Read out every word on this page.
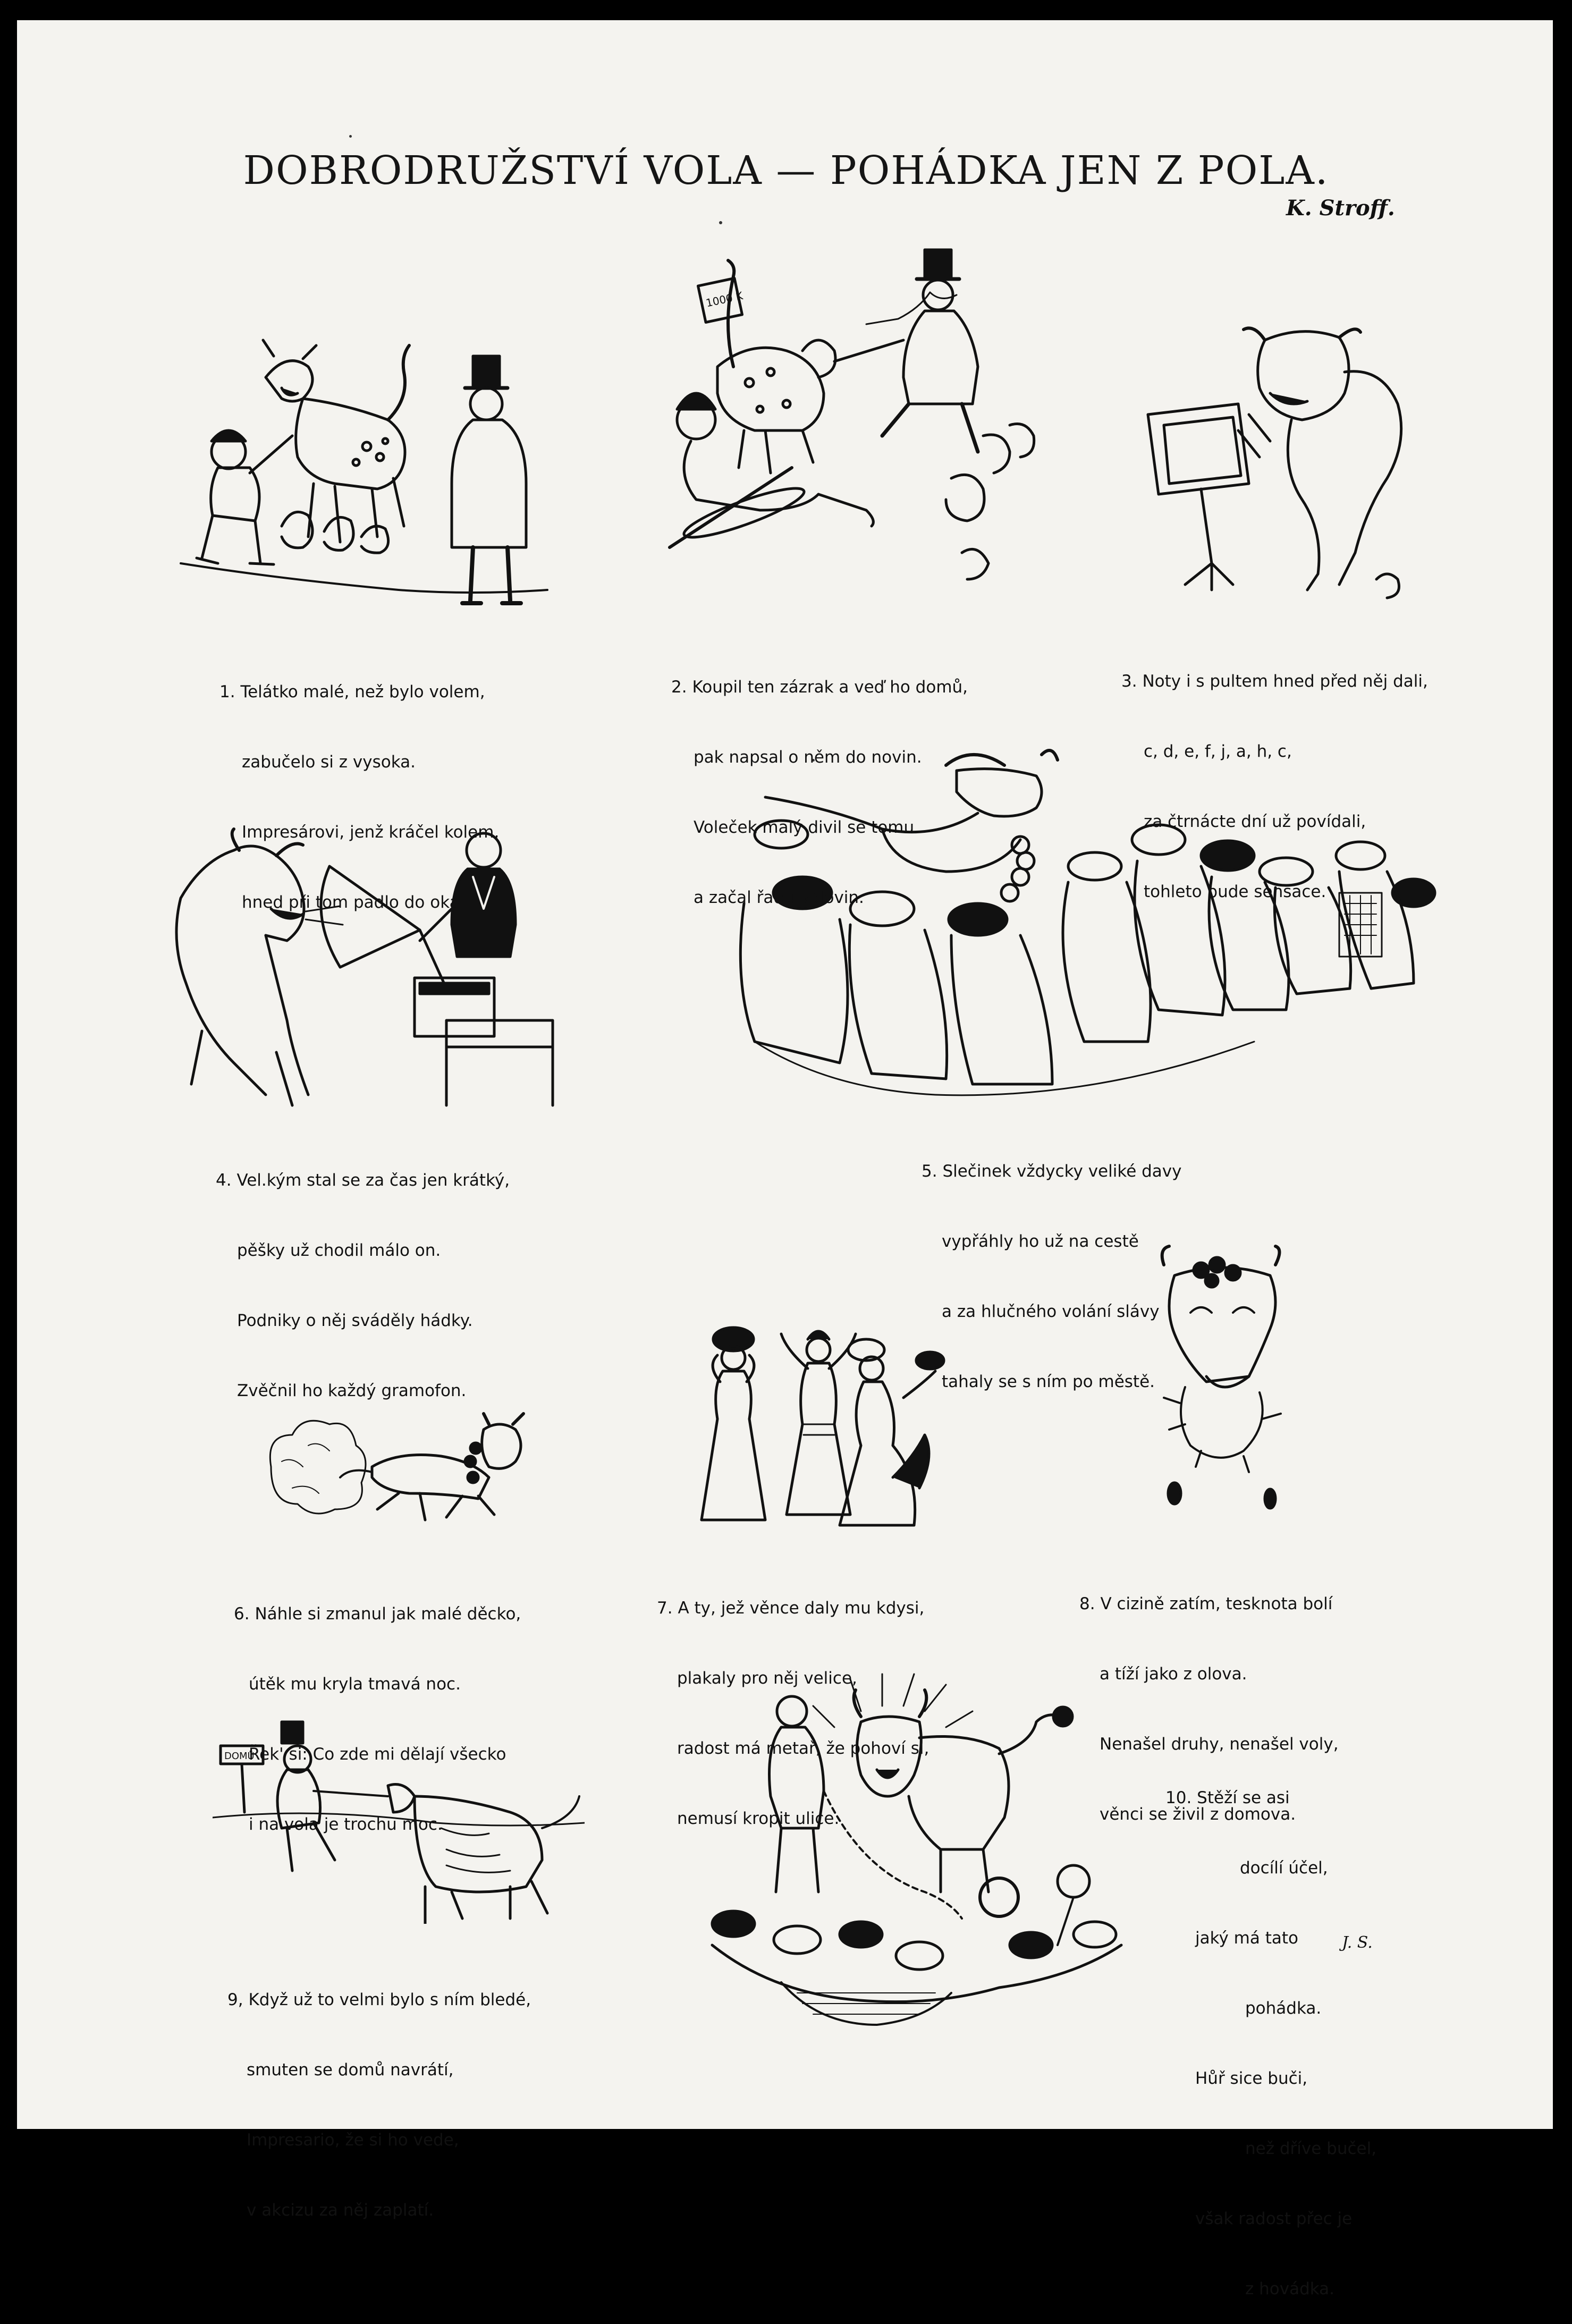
DOBRODRUŽSTVÍ VOLA — POHÁDKA JEN Z POLA.
K. Stroff.
1000 K
DOMŮ

1. Telátko malé, než bylo volem,

zabučelo si z vysoka.

Impresárovi, jenž kráčel kolem,

hned při tom padlo do oka.

2. Koupil ten zázrak a veď ho domů,

pak napsal o něm do novin.

Voleček malý divil se tomu

a začal řadu volovin.

3. Noty i s pultem hned před něj dali,

c, d, e, f, j, a, h, c,

za čtrnácte dní už povídali,

tohleto bude sensace.

4. Vel.kým stal se za čas jen krátký,

pěšky už chodil málo on.

Podniky o něj sváděly hádky.

Zvěčnil ho každý gramofon.

5. Slečinek vždycky veliké davy

vypřáhly ho už na cestě

a za hlučného volání slávy

tahaly se s ním po městě.

6. Náhle si zmanul jak malé děcko,

útěk mu kryla tmavá noc.

Řek' si: Co zde mi dělají všecko

i na vola je trochu moc.

7. A ty, jež věnce daly mu kdysi,

plakaly pro něj velice,

radost má metař, že pohoví si,

nemusí kropit ulice.

8. V cizině zatím, tesknota bolí

a tíží jako z olova.

Nenašel druhy, nenašel voly,

věnci se živil z domova.

9, Když už to velmi bylo s ním bledé,

smuten se domů navrátí,

Impresario, že si ho vede,

v akcizu za něj zaplatí.

10. Stěží se asi

docílí účel,

jaký má tato

pohádka.

Hůř sice buči,

než dříve bučel,

však radost přec je

z hovádka.

J. S.
